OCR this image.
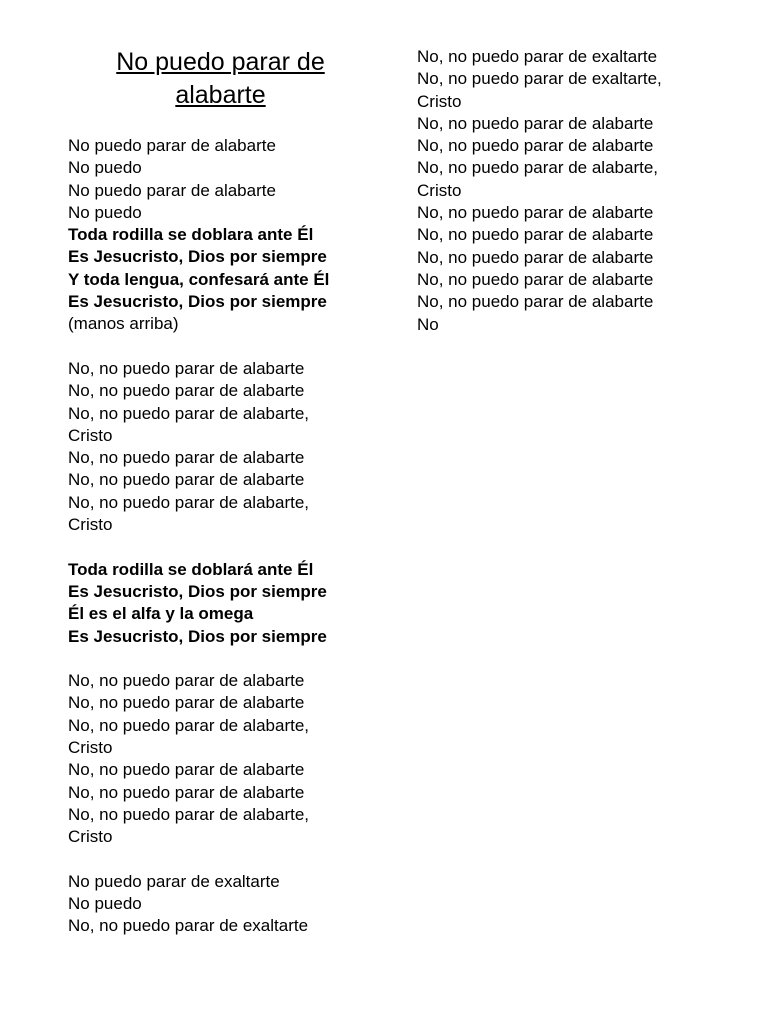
No puedo parar de alabarte
No puedo parar de alabarte
No puedo
No puedo parar de alabarte
No puedo
Toda rodilla se doblara ante Él
Es Jesucristo, Dios por siempre
Y toda lengua, confesará ante Él
Es Jesucristo, Dios por siempre
(manos arriba)
No, no puedo parar de alabarte
No, no puedo parar de alabarte
No, no puedo parar de alabarte,
Cristo
No, no puedo parar de alabarte
No, no puedo parar de alabarte
No, no puedo parar de alabarte,
Cristo
Toda rodilla se doblará ante Él
Es Jesucristo, Dios por siempre
Él es el alfa y la omega
Es Jesucristo, Dios por siempre
No, no puedo parar de alabarte
No, no puedo parar de alabarte
No, no puedo parar de alabarte,
Cristo
No, no puedo parar de alabarte
No, no puedo parar de alabarte
No, no puedo parar de alabarte,
Cristo
No puedo parar de exaltarte
No puedo
No, no puedo parar de exaltarte
No, no puedo parar de exaltarte
No, no puedo parar de exaltarte,
Cristo
No, no puedo parar de alabarte
No, no puedo parar de alabarte
No, no puedo parar de alabarte,
Cristo
No, no puedo parar de alabarte
No, no puedo parar de alabarte
No, no puedo parar de alabarte
No, no puedo parar de alabarte
No, no puedo parar de alabarte
No
